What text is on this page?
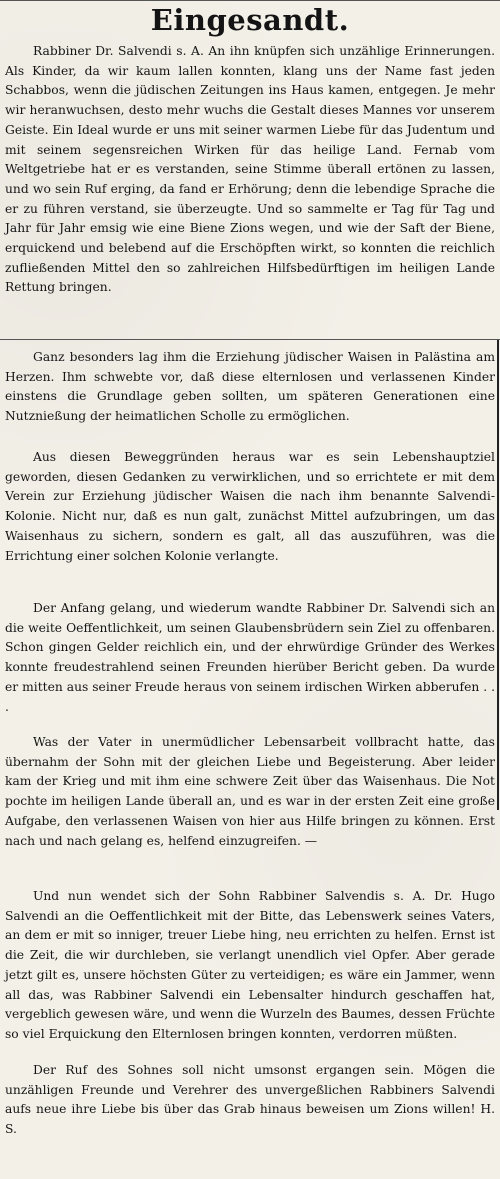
Eingesandt.

Rabbiner Dr. Salvendi s. A. An ihn knüpfen sich unzählige Erinnerungen. Als Kinder, da wir kaum lallen konnten, klang uns der Name fast jeden Schabbos, wenn die jüdischen Zeitungen ins Haus kamen, entgegen. Je mehr wir heranwuchsen, desto mehr wuchs die Gestalt dieses Mannes vor unserem Geiste. Ein Ideal wurde er uns mit seiner warmen Liebe für das Judentum und mit seinem segensreichen Wirken für das heilige Land. Fernab vom Weltgetriebe hat er es verstanden, seine Stimme überall ertönen zu lassen, und wo sein Ruf erging, da fand er Erhörung; denn die lebendige Sprache die er zu führen verstand, sie überzeugte. Und so sammelte er Tag für Tag und Jahr für Jahr emsig wie eine Biene Zions wegen, und wie der Saft der Biene, erquickend und belebend auf die Erschöpften wirkt, so konnten die reichlich zufließenden Mittel den so zahlreichen Hilfsbedürftigen im heiligen Lande Rettung bringen.

Ganz besonders lag ihm die Erziehung jüdischer Waisen in Palästina am Herzen. Ihm schwebte vor, daß diese elternlosen und verlassenen Kinder einstens die Grundlage geben sollten, um späteren Generationen eine Nutznießung der heimatlichen Scholle zu ermöglichen.

Aus diesen Beweggründen heraus war es sein Lebenshauptziel geworden, diesen Gedanken zu verwirklichen, und so errichtete er mit dem Verein zur Erziehung jüdischer Waisen die nach ihm benannte Salvendi-Kolonie. Nicht nur, daß es nun galt, zunächst Mittel aufzubringen, um das Waisenhaus zu sichern, sondern es galt, all das auszuführen, was die Errichtung einer solchen Kolonie verlangte.

Der Anfang gelang, und wiederum wandte Rabbiner Dr. Salvendi sich an die weite Oeffentlichkeit, um seinen Glaubensbrüdern sein Ziel zu offenbaren. Schon gingen Gelder reichlich ein, und der ehrwürdige Gründer des Werkes konnte freudestrahlend seinen Freunden hierüber Bericht geben. Da wurde er mitten aus seiner Freude heraus von seinem irdischen Wirken abberufen . . .

Was der Vater in unermüdlicher Lebensarbeit vollbracht hatte, das übernahm der Sohn mit der gleichen Liebe und Begeisterung. Aber leider kam der Krieg und mit ihm eine schwere Zeit über das Waisenhaus. Die Not pochte im heiligen Lande überall an, und es war in der ersten Zeit eine große Aufgabe, den verlassenen Waisen von hier aus Hilfe bringen zu können. Erst nach und nach gelang es, helfend einzugreifen. —

Und nun wendet sich der Sohn Rabbiner Salvendis s. A. Dr. Hugo Salvendi an die Oeffentlichkeit mit der Bitte, das Lebenswerk seines Vaters, an dem er mit so inniger, treuer Liebe hing, neu errichten zu helfen. Ernst ist die Zeit, die wir durchleben, sie verlangt unendlich viel Opfer. Aber gerade jetzt gilt es, unsere höchsten Güter zu verteidigen; es wäre ein Jammer, wenn all das, was Rabbiner Salvendi ein Lebensalter hindurch geschaffen hat, vergeblich gewesen wäre, und wenn die Wurzeln des Baumes, dessen Früchte so viel Erquickung den Elternlosen bringen konnten, verdorren müßten.

Der Ruf des Sohnes soll nicht umsonst ergangen sein. Mögen die unzähligen Freunde und Verehrer des unvergeßlichen Rabbiners Salvendi aufs neue ihre Liebe bis über das Grab hinaus beweisen um Zions willen! H. S.
